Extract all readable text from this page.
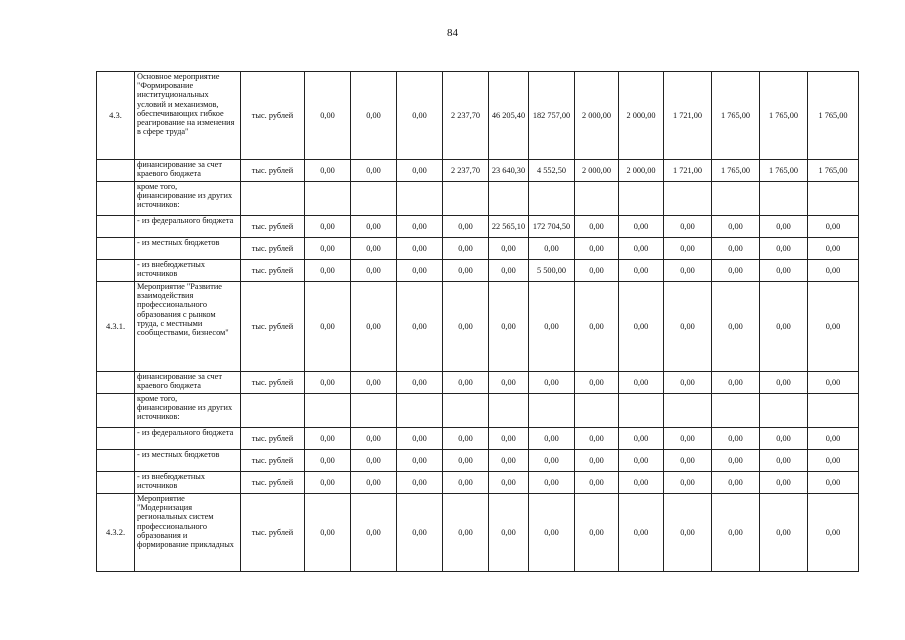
84
4.3.	Основное мероприятие "Формирование институциональных условий и механизмов, обеспечивающих гибкое реагирование на изменения в сфере труда"	тыс. рублей	0,00	0,00	0,00	2 237,70	46 205,40	182 757,00	2 000,00	2 000,00	1 721,00	1 765,00	1 765,00	1 765,00
	финансирование за счет краевого бюджета	тыс. рублей	0,00	0,00	0,00	2 237,70	23 640,30	4 552,50	2 000,00	2 000,00	1 721,00	1 765,00	1 765,00	1 765,00
	кроме того, финансирование из других источников:													
	- из федерального бюджета	тыс. рублей	0,00	0,00	0,00	0,00	22 565,10	172 704,50	0,00	0,00	0,00	0,00	0,00	0,00
	- из местных бюджетов	тыс. рублей	0,00	0,00	0,00	0,00	0,00	0,00	0,00	0,00	0,00	0,00	0,00	0,00
	- из внебюджетных источников	тыс. рублей	0,00	0,00	0,00	0,00	0,00	5 500,00	0,00	0,00	0,00	0,00	0,00	0,00
4.3.1.	Мероприятие "Развитие взаимодействия профессионального образования с рынком труда, с местными сообществами, бизнесом"	тыс. рублей	0,00	0,00	0,00	0,00	0,00	0,00	0,00	0,00	0,00	0,00	0,00	0,00
	финансирование за счет краевого бюджета	тыс. рублей	0,00	0,00	0,00	0,00	0,00	0,00	0,00	0,00	0,00	0,00	0,00	0,00
	кроме того, финансирование из других источников:													
	- из федерального бюджета	тыс. рублей	0,00	0,00	0,00	0,00	0,00	0,00	0,00	0,00	0,00	0,00	0,00	0,00
	- из местных бюджетов	тыс. рублей	0,00	0,00	0,00	0,00	0,00	0,00	0,00	0,00	0,00	0,00	0,00	0,00
	- из внебюджетных источников	тыс. рублей	0,00	0,00	0,00	0,00	0,00	0,00	0,00	0,00	0,00	0,00	0,00	0,00
4.3.2.	Мероприятие "Модернизация региональных систем профессионального образования и формирование прикладных	тыс. рублей	0,00	0,00	0,00	0,00	0,00	0,00	0,00	0,00	0,00	0,00	0,00	0,00
